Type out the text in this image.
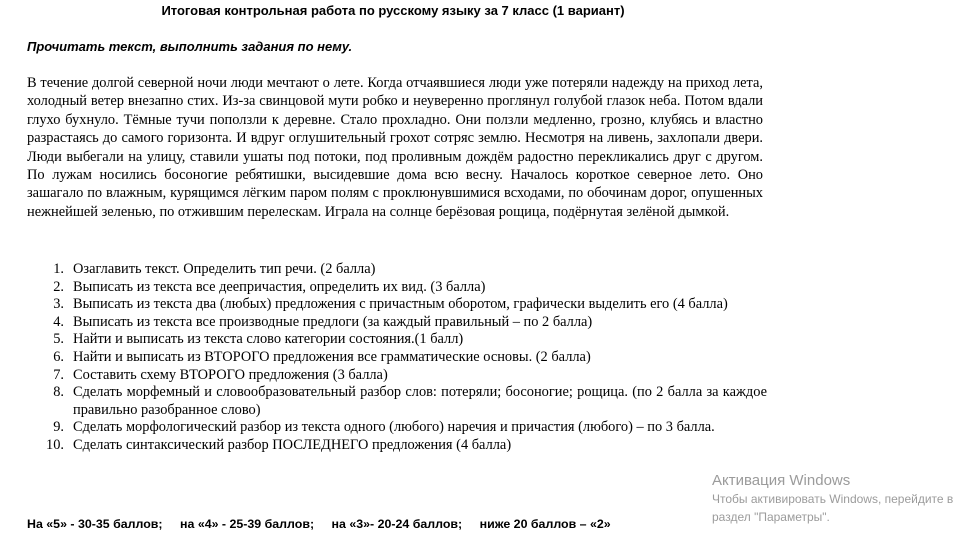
Итоговая контрольная работа по русскому языку за 7 класс (1 вариант)
Прочитать текст, выполнить задания по нему.
В течение долгой северной ночи люди мечтают о лете. Когда отчаявшиеся люди уже потеряли надежду на приход лета, холодный ветер внезапно стих. Из-за свинцовой мути робко и неуверенно проглянул голубой глазок неба. Потом вдали глухо бухнуло. Тёмные тучи поползли к деревне. Стало прохладно. Они ползли медленно, грозно, клубясь и властно разрастаясь до самого горизонта. И вдруг оглушительный грохот сотряс землю. Несмотря на ливень, захлопали двери. Люди выбегали на улицу, ставили ушаты под потоки, под проливным дождём радостно перекликались друг с другом. По лужам носились босоногие ребятишки, высидевшие дома всю весну. Началось короткое северное лето. Оно зашагало по влажным, курящимся лёгким паром полям с проклюнувшимися всходами, по обочинам дорог, опушенных нежнейшей зеленью, по отжившим перелескам. Играла на солнце берёзовая рощица, подёрнутая зелёной дымкой.
1. Озаглавить текст. Определить тип речи. (2 балла)
2. Выписать из текста все деепричастия, определить их вид. (3 балла)
3. Выписать из текста два (любых) предложения с причастным оборотом, графически выделить его (4 балла)
4. Выписать из текста все производные предлоги (за каждый правильный – по 2 балла)
5. Найти и выписать из текста слово категории состояния.(1 балл)
6. Найти и выписать из ВТОРОГО предложения все грамматические основы. (2 балла)
7. Составить схему ВТОРОГО предложения (3 балла)
8. Сделать морфемный и словообразовательный разбор слов: потеряли; босоногие; рощица. (по 2 балла за каждое правильно разобранное слово)
9. Сделать морфологический разбор из текста одного (любого) наречия и причастия (любого) – по 3 балла.
10. Сделать синтаксический разбор ПОСЛЕДНЕГО предложения (4 балла)
На «5» - 30-35 баллов; на «4» - 25-39 баллов; на «3»- 20-24 баллов; ниже 20 баллов – «2»
Активация Windows
Чтобы активировать Windows, перейдите в
раздел "Параметры".
